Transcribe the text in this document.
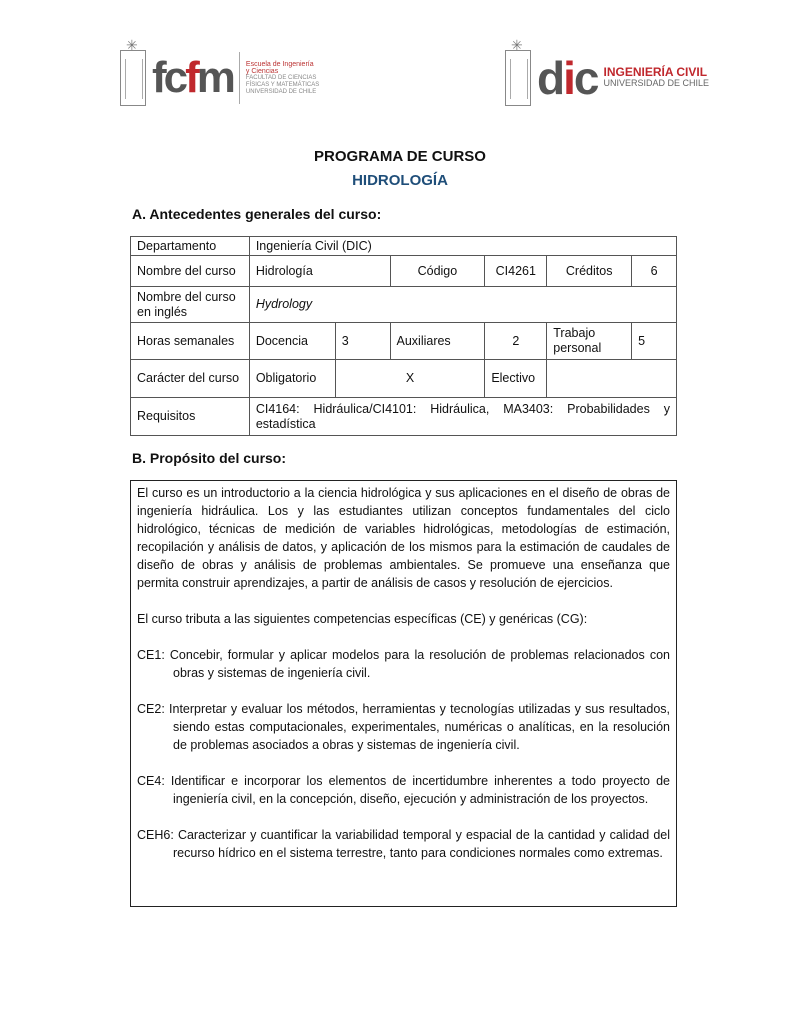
✳
fcfm Escuela de Ingeniería
y Ciencias
FACULTAD DE CIENCIAS
FÍSICAS Y MATEMÁTICAS
UNIVERSIDAD DE CHILE ✳	dic INGENIERÍA CIVIL
UNIVERSIDAD DE CHILE
PROGRAMA DE CURSO
HIDROLOGÍA
A. Antecedentes generales del curso:
Departamento	Ingeniería Civil (DIC)					
Nombre del curso	Hidrología		Código	CI4261	Créditos	6
Nombre del curso en inglés	Hydrology					
Horas semanales	Docencia	3	Auxiliares	2	Trabajo personal	5
Carácter del curso	Obligatorio	X		Electivo		
Requisitos	CI4164: Hidráulica/CI4101: Hidráulica, MA3403: Probabilidades y estadística					
B. Propósito del curso:

El curso es un introductorio a la ciencia hidrológica y sus aplicaciones en el diseño de obras de ingeniería hidráulica. Los y las estudiantes utilizan conceptos fundamentales del ciclo hidrológico, técnicas de medición de variables hidrológicas, metodologías de estimación, recopilación y análisis de datos, y aplicación de los mismos para la estimación de caudales de diseño de obras y análisis de problemas ambientales. Se promueve una enseñanza que permita construir aprendizajes, a partir de análisis de casos y resolución de ejercicios.

El curso tributa a las siguientes competencias específicas (CE) y genéricas (CG):

CE1: Concebir, formular y aplicar modelos para la resolución de problemas relacionados con obras y sistemas de ingeniería civil.

CE2: Interpretar y evaluar los métodos, herramientas y tecnologías utilizadas y sus resultados, siendo estas computacionales, experimentales, numéricas o analíticas, en la resolución de problemas asociados a obras y sistemas de ingeniería civil.

CE4: Identificar e incorporar los elementos de incertidumbre inherentes a todo proyecto de ingeniería civil, en la concepción, diseño, ejecución y administración de los proyectos.

CEH6: Caracterizar y cuantificar la variabilidad temporal y espacial de la cantidad y calidad del recurso hídrico en el sistema terrestre, tanto para condiciones normales como extremas.
